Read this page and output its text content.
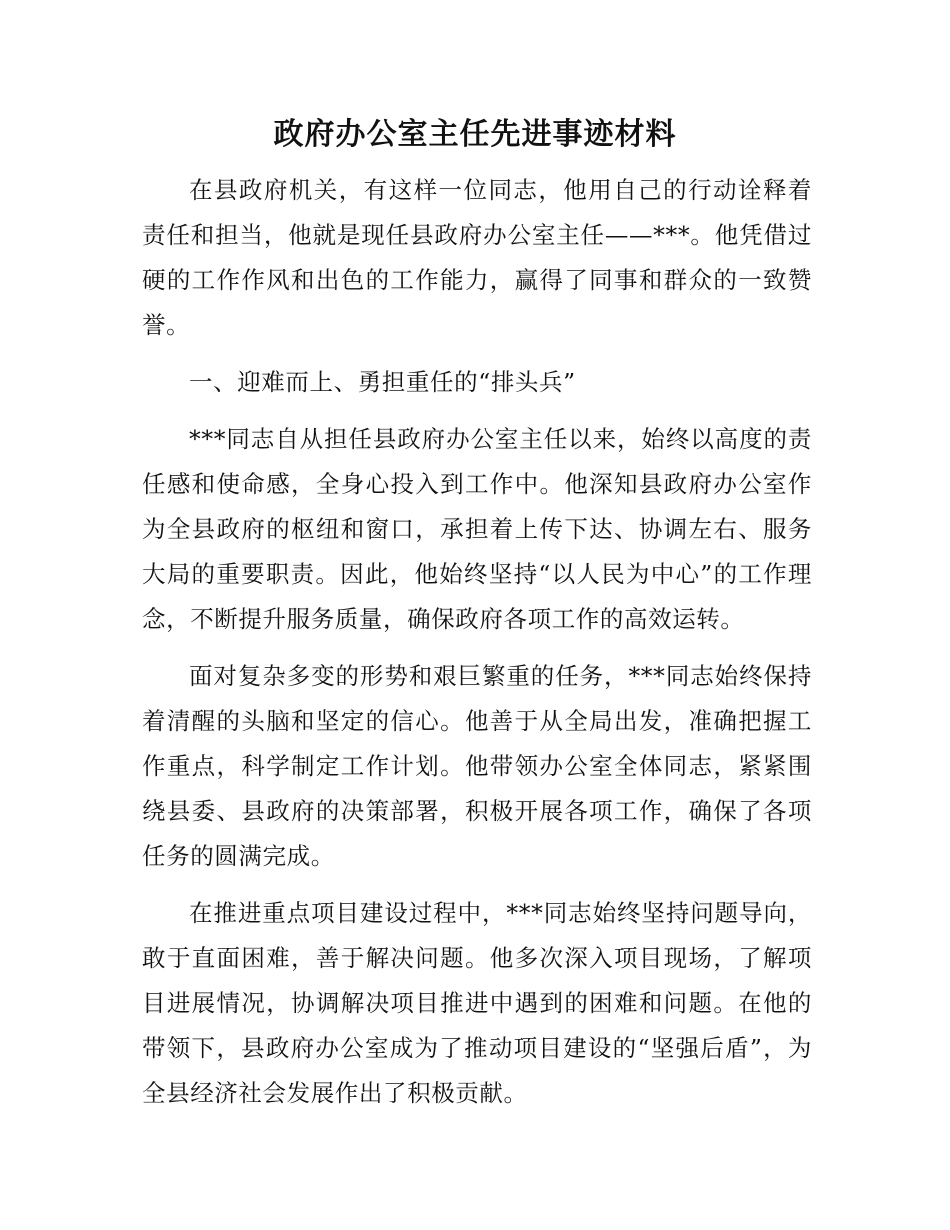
政府办公室主任先进事迹材料

在县政府机关，有这样一位同志，他用自己的行动诠释着责任和担当，他就是现任县政府办公室主任——***。他凭借过硬的工作作风和出色的工作能力，赢得了同事和群众的一致赞誉。

一、迎难而上、勇担重任的“排头兵”

***同志自从担任县政府办公室主任以来，始终以高度的责任感和使命感，全身心投入到工作中。他深知县政府办公室作为全县政府的枢纽和窗口，承担着上传下达、协调左右、服务大局的重要职责。因此，他始终坚持“以人民为中心”的工作理念，不断提升服务质量，确保政府各项工作的高效运转。

面对复杂多变的形势和艰巨繁重的任务，***同志始终保持着清醒的头脑和坚定的信心。他善于从全局出发，准确把握工作重点，科学制定工作计划。他带领办公室全体同志，紧紧围绕县委、县政府的决策部署，积极开展各项工作，确保了各项任务的圆满完成。

在推进重点项目建设过程中，***同志始终坚持问题导向，敢于直面困难，善于解决问题。他多次深入项目现场，了解项目进展情况，协调解决项目推进中遇到的困难和问题。在他的带领下，县政府办公室成为了推动项目建设的“坚强后盾”，为全县经济社会发展作出了积极贡献。
